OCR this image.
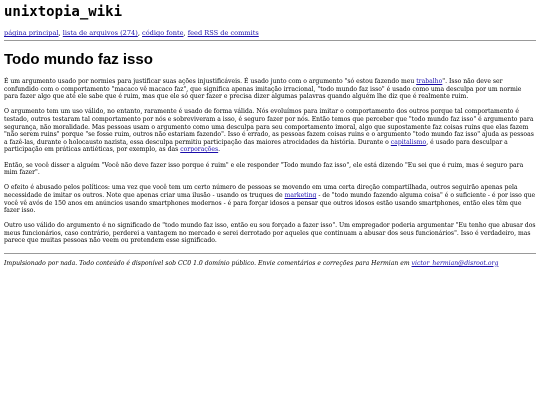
unixtopia_wiki
página principal, lista de arquivos (274), código fonte, feed RSS de commits
Todo mundo faz isso

É um argumento usado por normies para justificar suas ações injustificáveis. É usado junto com o argumento "só estou fazendo meu trabalho". Isso não deve ser confundido com o comportamento "macaco vê macaco faz", que significa apenas imitação irracional, "todo mundo faz isso" é usado como uma desculpa por um normie para fazer algo que até ele sabe que é ruim, mas que ele só quer fazer e precisa dizer algumas palavras quando alguém lhe diz que é realmente ruim.

O argumento tem um uso válido, no entanto, raramente é usado de forma válida. Nós evoluímos para imitar o comportamento dos outros porque tal comportamento é testado, outros testaram tal comportamento por nós e sobreviveram a isso, é seguro fazer por nós. Então temos que perceber que "todo mundo faz isso" é argumento para segurança, não moralidade. Mas pessoas usam o argumento como uma desculpa para seu comportamento imoral, algo que supostamente faz coisas ruins que elas fazem "não serem ruins" porque "se fosse ruim, outros não estariam fazendo". Isso é errado, as pessoas fazem coisas ruins e o argumento "todo mundo faz isso" ajuda as pessoas a fazê-las, durante o holocausto nazista, essa desculpa permitiu participação das maiores atrocidades da história. Durante o capitalismo, é usado para desculpar a participação em práticas antiéticas, por exemplo, as das corporações.

Então, se você disser a alguém "Você não deve fazer isso porque é ruim" e ele responder "Todo mundo faz isso", ele está dizendo "Eu sei que é ruim, mas é seguro para mim fazer".

O efeito é abusado pelos políticos: uma vez que você tem um certo número de pessoas se movendo em uma certa direção compartilhada, outros seguirão apenas pela necessidade de imitar os outros. Note que apenas criar uma ilusão - usando os truques de marketing - de "todo mundo fazendo alguma coisa" é o suficiente - é por isso que você vê avós de 150 anos em anúncios usando smartphones modernos - é para forçar idosos a pensar que outros idosos estão usando smartphones, então eles têm que fazer isso.

Outro uso válido do argumento é no significado de "todo mundo faz isso, então eu sou forçado a fazer isso". Um empregador poderia argumentar "Eu tenho que abusar dos meus funcionários, caso contrário, perderei a vantagem no mercado e serei derrotado por aqueles que continuam a abusar dos seus funcionários". Isso é verdadeiro, mas parece que muitas pessoas não veem ou pretendem esse significado.

Impulsionado por nada. Todo conteúdo é disponível sob CC0 1.0 domínio público. Envie comentários e correções para Hermian em victor_hermian@disroot.org
